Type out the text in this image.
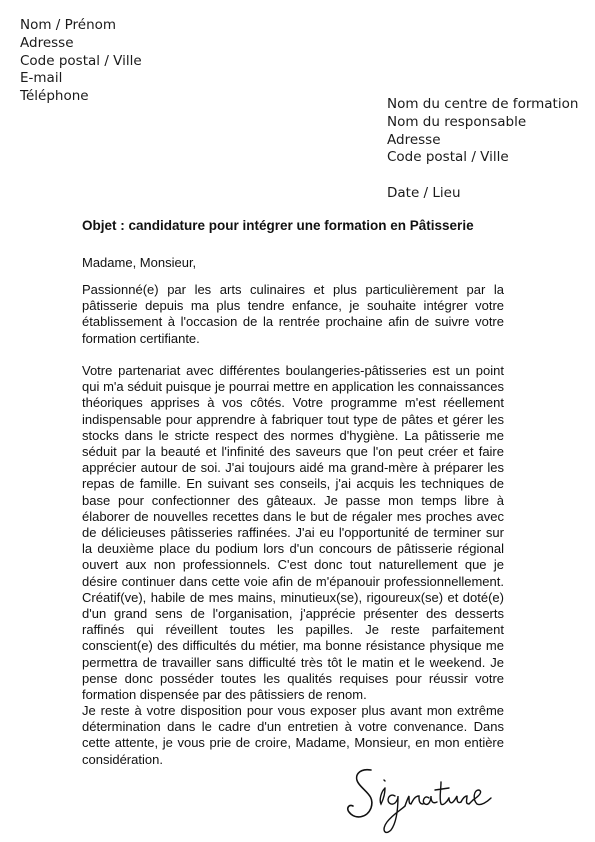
Nom / Prénom
Adresse
Code postal / Ville
E-mail
Téléphone	Nom du centre de formation
Nom du responsable
Adresse
Code postal / Ville
Date / Lieu
Objet : candidature pour intégrer une formation en Pâtisserie
Madame, Monsieur,

Passionné(e) par les arts culinaires et plus particulièrement par la pâtisserie depuis ma plus tendre enfance, je souhaite intégrer votre établissement à l'occasion de la rentrée prochaine afin de suivre votre formation certifiante.

Votre partenariat avec différentes boulangeries-pâtisseries est un point qui m'a séduit puisque je pourrai mettre en application les connaissances théoriques apprises à vos côtés. Votre programme m'est réellement indispensable pour apprendre à fabriquer tout type de pâtes et gérer les stocks dans le stricte respect des normes d'hygiène. La pâtisserie me séduit par la beauté et l'infinité des saveurs que l'on peut créer et faire apprécier autour de soi. J'ai toujours aidé ma grand-mère à préparer les repas de famille. En suivant ses conseils, j'ai acquis les techniques de base pour confectionner des gâteaux. Je passe mon temps libre à élaborer de nouvelles recettes dans le but de régaler mes proches avec de délicieuses pâtisseries raffinées. J'ai eu l'opportunité de terminer sur la deuxième place du podium lors d'un concours de pâtisserie régional ouvert aux non professionnels. C'est donc tout naturellement que je désire continuer dans cette voie afin de m'épanouir professionnellement. Créatif(ve), habile de mes mains, minutieux(se), rigoureux(se) et doté(e) d'un grand sens de l'organisation, j'apprécie présenter des desserts raffinés qui réveillent toutes les papilles. Je reste parfaitement conscient(e) des difficultés du métier, ma bonne résistance physique me permettra de travailler sans difficulté très tôt le matin et le weekend. Je pense donc posséder toutes les qualités requises pour réussir votre formation dispensée par des pâtissiers de renom.

Je reste à votre disposition pour vous exposer plus avant mon extrême détermination dans le cadre d'un entretien à votre convenance. Dans cette attente, je vous prie de croire, Madame, Monsieur, en mon entière considération.
